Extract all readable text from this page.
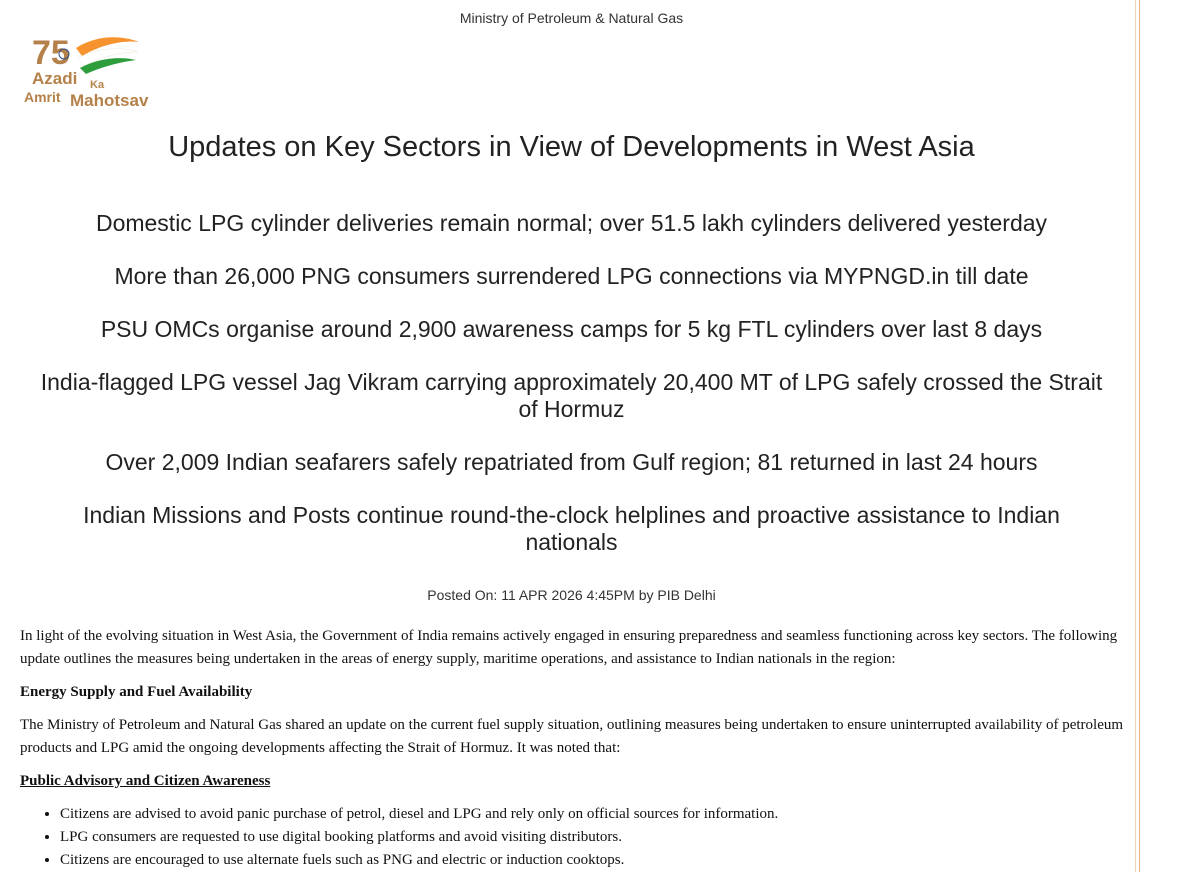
Ministry of Petroleum & Natural Gas
75
Azadi Ka
Amrit Mahotsav
Updates on Key Sectors in View of Developments in West Asia
Domestic LPG cylinder deliveries remain normal; over 51.5 lakh cylinders delivered yesterday
More than 26,000 PNG consumers surrendered LPG connections via MYPNGD.in till date
PSU OMCs organise around 2,900 awareness camps for 5 kg FTL cylinders over last 8 days
India-flagged LPG vessel Jag Vikram carrying approximately 20,400 MT of LPG safely crossed the Strait of Hormuz
Over 2,009 Indian seafarers safely repatriated from Gulf region; 81 returned in last 24 hours
Indian Missions and Posts continue round-the-clock helplines and proactive assistance to Indian nationals
Posted On: 11 APR 2026 4:45PM by PIB Delhi

In light of the evolving situation in West Asia, the Government of India remains actively engaged in ensuring preparedness and seamless functioning across key sectors. The following update outlines the measures being undertaken in the areas of energy supply, maritime operations, and assistance to Indian nationals in the region:

Energy Supply and Fuel Availability

The Ministry of Petroleum and Natural Gas shared an update on the current fuel supply situation, outlining measures being undertaken to ensure uninterrupted availability of petroleum products and LPG amid the ongoing developments affecting the Strait of Hormuz. It was noted that:

Public Advisory and Citizen Awareness

• Citizens are advised to avoid panic purchase of petrol, diesel and LPG and rely only on official sources for information.
• LPG consumers are requested to use digital booking platforms and avoid visiting distributors.
• Citizens are encouraged to use alternate fuels such as PNG and electric or induction cooktops.
